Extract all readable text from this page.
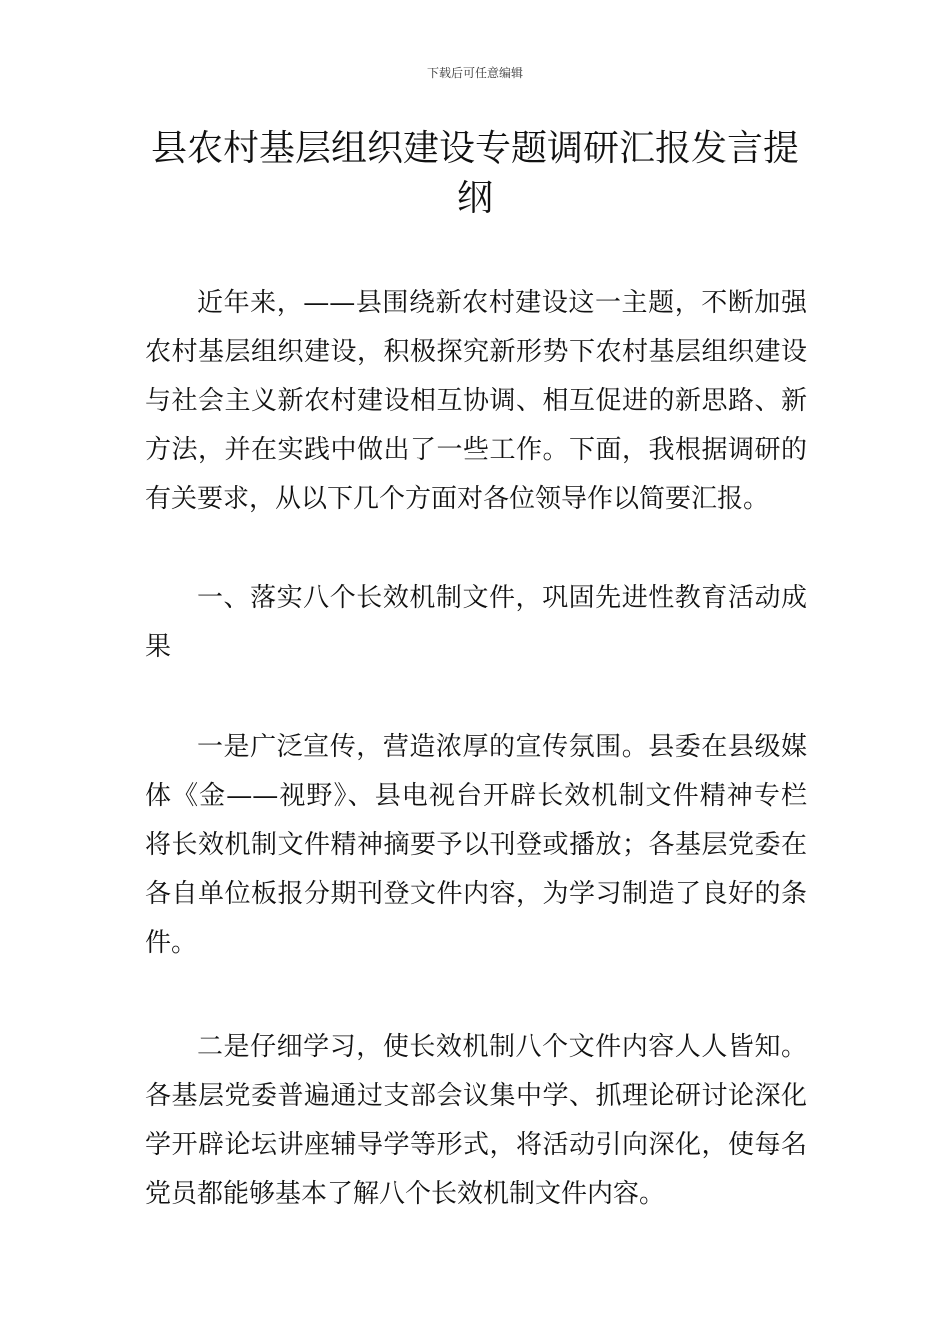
下载后可任意编辑
县农村基层组织建设专题调研汇报发言提纲

近年来，——县围绕新农村建设这一主题，不断加强农村基层组织建设，积极探究新形势下农村基层组织建设与社会主义新农村建设相互协调、相互促进的新思路、新方法，并在实践中做出了一些工作。下面，我根据调研的有关要求，从以下几个方面对各位领导作以简要汇报。

一、落实八个长效机制文件，巩固先进性教育活动成果

一是广泛宣传，营造浓厚的宣传氛围。县委在县级媒体《金——视野》、县电视台开辟长效机制文件精神专栏将长效机制文件精神摘要予以刊登或播放；各基层党委在各自单位板报分期刊登文件内容，为学习制造了良好的条件。

二是仔细学习，使长效机制八个文件内容人人皆知。各基层党委普遍通过支部会议集中学、抓理论研讨论深化学开辟论坛讲座辅导学等形式，将活动引向深化，使每名党员都能够基本了解八个长效机制文件内容。
